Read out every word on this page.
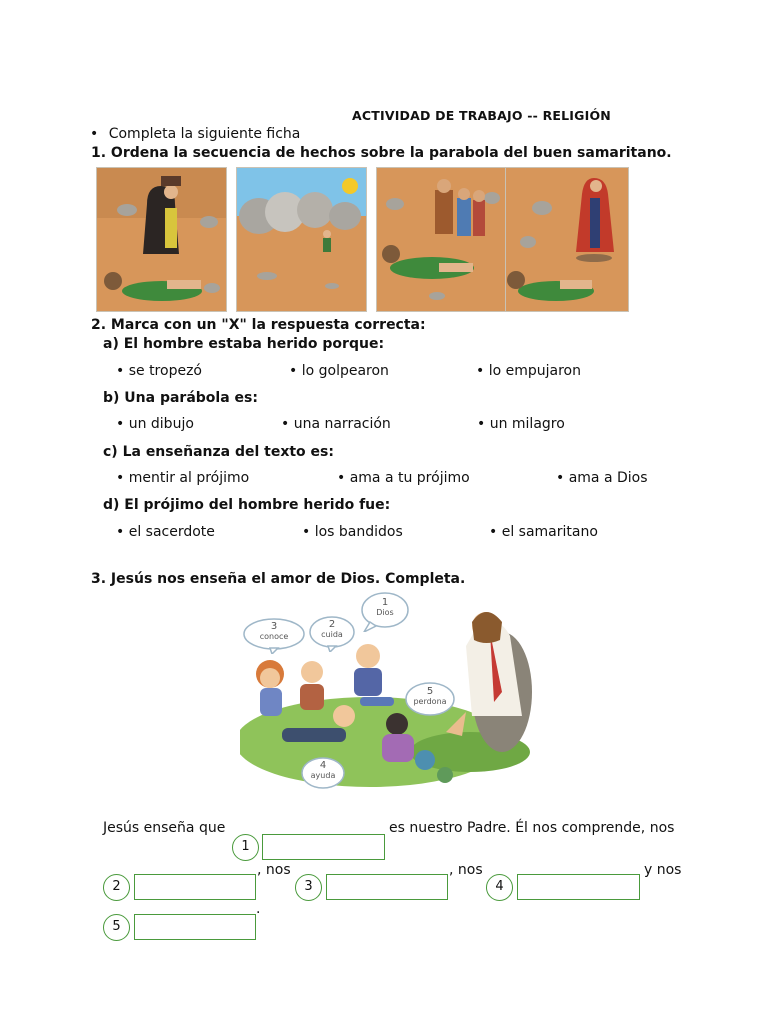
ACTIVIDAD DE TRABAJO -- RELIGIÓN
• Completa la siguiente ficha
1. Ordena la secuencia de hechos sobre la parabola del buen samaritano.
2. Marca con un "X" la respuesta correcta:
a) El hombre estaba herido porque:
• se tropezó	• lo golpearon	• lo empujaron
b) Una parábola es:
• un dibujo	• una narración	• un milagro
c) La enseñanza del texto es:
• mentir al prójimo	• ama a tu prójimo	• ama a Dios
d) El prójimo del hombre herido fue:
• el sacerdote	• los bandidos	• el samaritano
3. Jesús nos enseña el amor de Dios. Completa.
1
Dios
2
cuida
3
conoce
5
perdona
4
ayuda
Jesús enseña que	es nuestro Padre. Él nos comprende, nos
1
, nos	, nos	y nos
2	3	4
.
5
